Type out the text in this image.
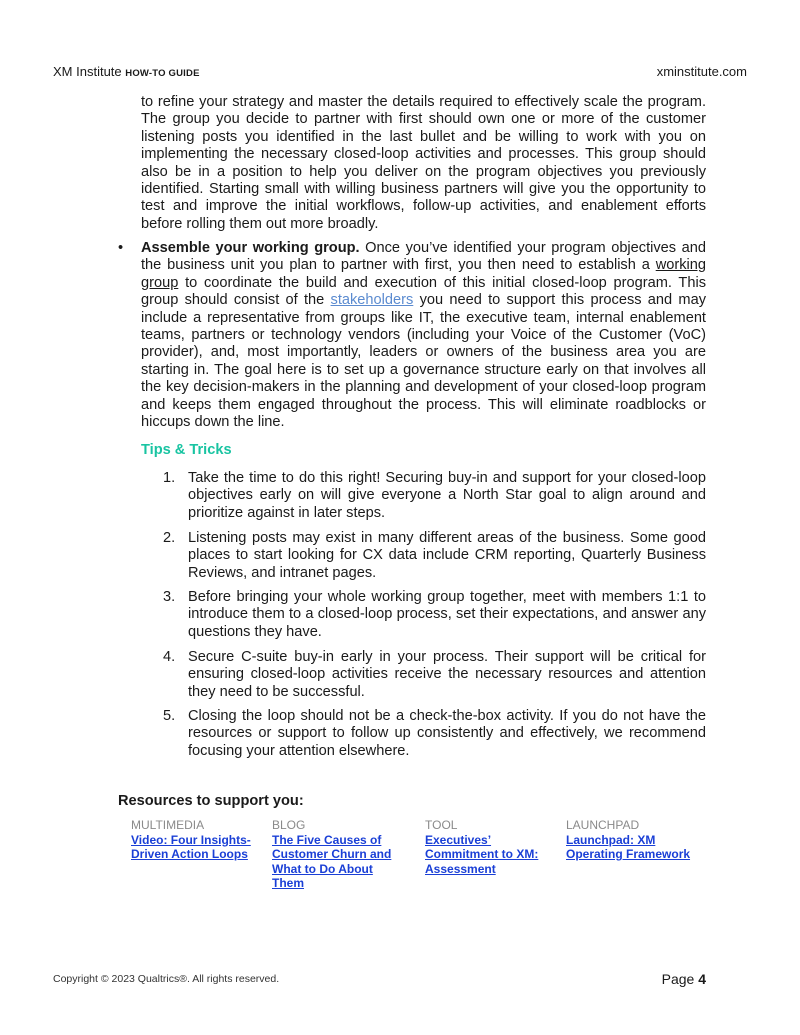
XM Institute HOW-TO GUIDE	xminstitute.com
to refine your strategy and master the details required to effectively scale the program. The group you decide to partner with first should own one or more of the customer listening posts you identified in the last bullet and be willing to work with you on implementing the necessary closed-loop activities and processes. This group should also be in a position to help you deliver on the program objectives you previously identified. Starting small with willing business partners will give you the opportunity to test and improve the initial workflows, follow-up activities, and enablement efforts before rolling them out more broadly.
•	Assemble your working group. Once you’ve identified your program objectives and the business unit you plan to partner with first, you then need to establish a working group to coordinate the build and execution of this initial closed-loop program. This group should consist of the stakeholders you need to support this process and may include a representative from groups like IT, the executive team, internal enablement teams, partners or technology vendors (including your Voice of the Customer (VoC) provider), and, most importantly, leaders or owners of the business area you are starting in. The goal here is to set up a governance structure early on that involves all the key decision-makers in the planning and development of your closed-loop program and keeps them engaged throughout the process. This will eliminate roadblocks or hiccups down the line.
Tips & Tricks
1. Take the time to do this right! Securing buy-in and support for your closed-loop objectives early on will give everyone a North Star goal to align around and prioritize against in later steps.
2. Listening posts may exist in many different areas of the business. Some good places to start looking for CX data include CRM reporting, Quarterly Business Reviews, and intranet pages.
3. Before bringing your whole working group together, meet with members 1:1 to introduce them to a closed-loop process, set their expectations, and answer any questions they have.
4. Secure C-suite buy-in early in your process. Their support will be critical for ensuring closed-loop activities receive the necessary resources and attention they need to be successful.
5. Closing the loop should not be a check-the-box activity. If you do not have the resources or support to follow up consistently and effectively, we recommend focusing your attention elsewhere.
Resources to support you:
MULTIMEDIA
Video: Four Insights-Driven Action Loops
BLOG
The Five Causes of Customer Churn and What to Do About Them
TOOL
Executives’ Commitment to XM: Assessment
LAUNCHPAD
Launchpad: XM Operating Framework
Copyright © 2023 Qualtrics®. All rights reserved.	Page 4
